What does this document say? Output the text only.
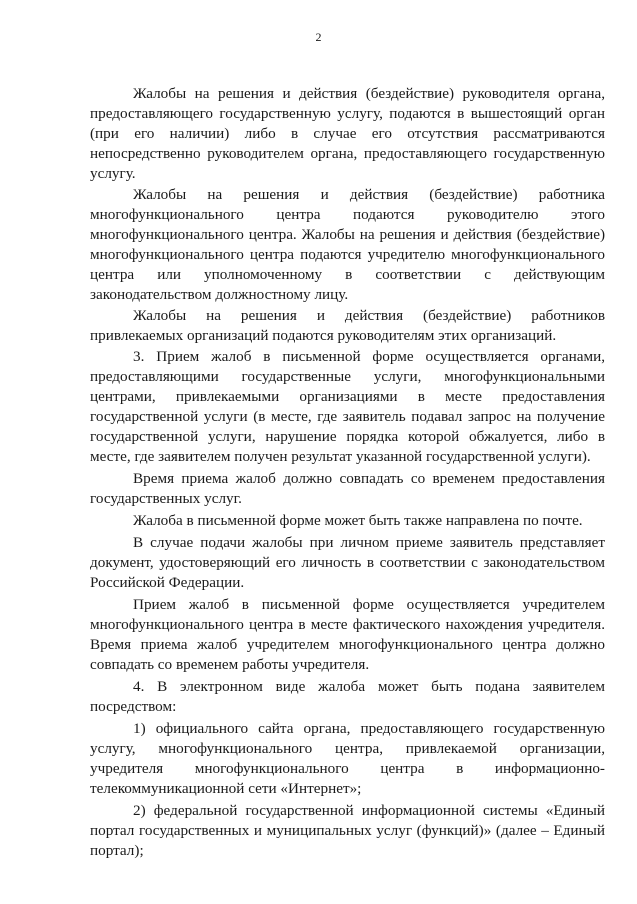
2

Жалобы на решения и действия (бездействие) руководителя органа, предоставляющего государственную услугу, подаются в вышестоящий орган (при его наличии) либо в случае его отсутствия рассматриваются непосредственно руководителем органа, предоставляющего государственную услугу.

Жалобы на решения и действия (бездействие) работника многофункционального центра подаются руководителю этого многофункционального центра. Жалобы на решения и действия (бездействие) многофункционального центра подаются учредителю многофункционального центра или уполномоченному в соответствии с действующим законодательством должностному лицу.

Жалобы на решения и действия (бездействие) работников привлекаемых организаций подаются руководителям этих организаций.

3. Прием жалоб в письменной форме осуществляется органами, предоставляющими государственные услуги, многофункциональными центрами, привлекаемыми организациями в месте предоставления государственной услуги (в месте, где заявитель подавал запрос на получение государственной услуги, нарушение порядка которой обжалуется, либо в месте, где заявителем получен результат указанной государственной услуги).

Время приема жалоб должно совпадать со временем предоставления государственных услуг.

Жалоба в письменной форме может быть также направлена по почте.

В случае подачи жалобы при личном приеме заявитель представляет документ, удостоверяющий его личность в соответствии с законодательством Российской Федерации.

Прием жалоб в письменной форме осуществляется учредителем многофункционального центра в месте фактического нахождения учредителя. Время приема жалоб учредителем многофункционального центра должно совпадать со временем работы учредителя.

4. В электронном виде жалоба может быть подана заявителем посредством:

1) официального сайта органа, предоставляющего государственную услугу, многофункционального центра, привлекаемой организации, учредителя многофункционального центра в информационно-телекоммуникационной сети «Интернет»;

2) федеральной государственной информационной системы «Единый портал государственных и муниципальных услуг (функций)» (далее – Единый портал);
